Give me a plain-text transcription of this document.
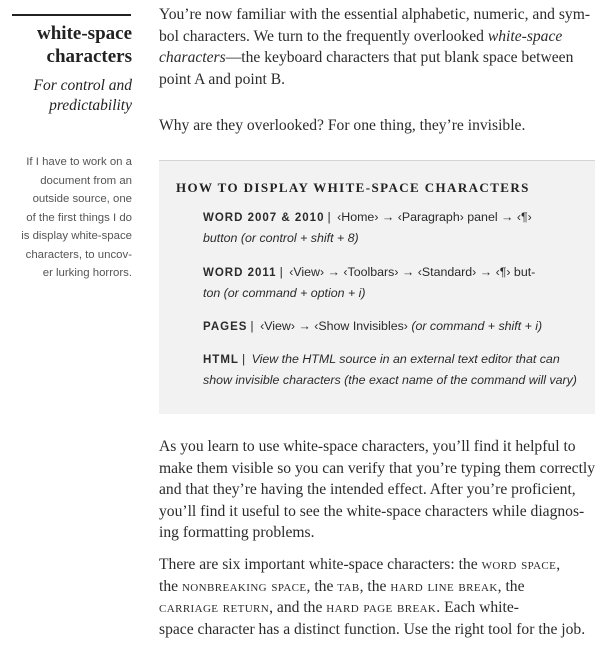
white-space
characters
For control and
predictability
If I have to work on a
document from an
outside source, one
of the first things I do
is display white-space
characters, to uncov-
er lurking horrors.
You’re now familiar with the essential alphabetic, numeric, and sym-
bol characters. We turn to the frequently overlooked white-space
characters—the keyboard characters that put blank space between
point A and point B.
Why are they overlooked? For one thing, they’re invisible.
HOW TO DISPLAY WHITE-SPACE CHARACTERS
WORD 2007 & 2010 | ‹Home› → ‹Paragraph› panel → ‹¶›
button (or control + shift + 8)
WORD 2011 | ‹View› → ‹Toolbars› → ‹Standard› → ‹¶› but-
ton (or command + option + i)
PAGES | ‹View› → ‹Show Invisibles› (or command + shift + i)
HTML | View the HTML source in an external text editor that can
show invisible characters (the exact name of the command will vary)
As you learn to use white-space characters, you’ll find it helpful to
make them visible so you can verify that you’re typing them correctly
and that they’re having the intended effect. After you’re proficient,
you’ll find it useful to see the white-space characters while diagnos-
ing formatting problems.
There are six important white-space characters: the word space,
the nonbreaking space, the tab, the hard line break, the
carriage return, and the hard page break. Each white-
space character has a distinct function. Use the right tool for the job.
